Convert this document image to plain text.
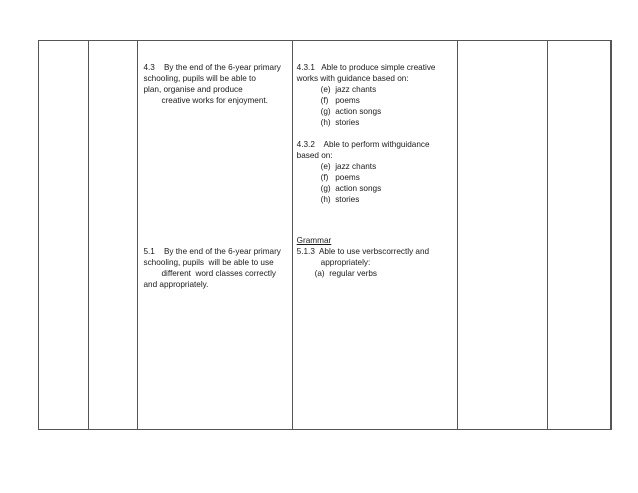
4.3    By the end of the 6-year primary
schooling, pupils will be able to
plan, organise and produce
creative works for enjoyment.
5.1    By the end of the 6-year primary
schooling, pupils  will be able to use
different  word classes correctly
and appropriately.
4.3.1   Able to produce simple creative
works with guidance based on:
(e)  jazz chants
(f)   poems
(g)  action songs
(h)  stories
4.3.2    Able to perform withguidance
based on:
(e)  jazz chants
(f)   poems
(g)  action songs
(h)  stories
Grammar
5.1.3  Able to use verbscorrectly and
appropriately:
(a)  regular verbs
